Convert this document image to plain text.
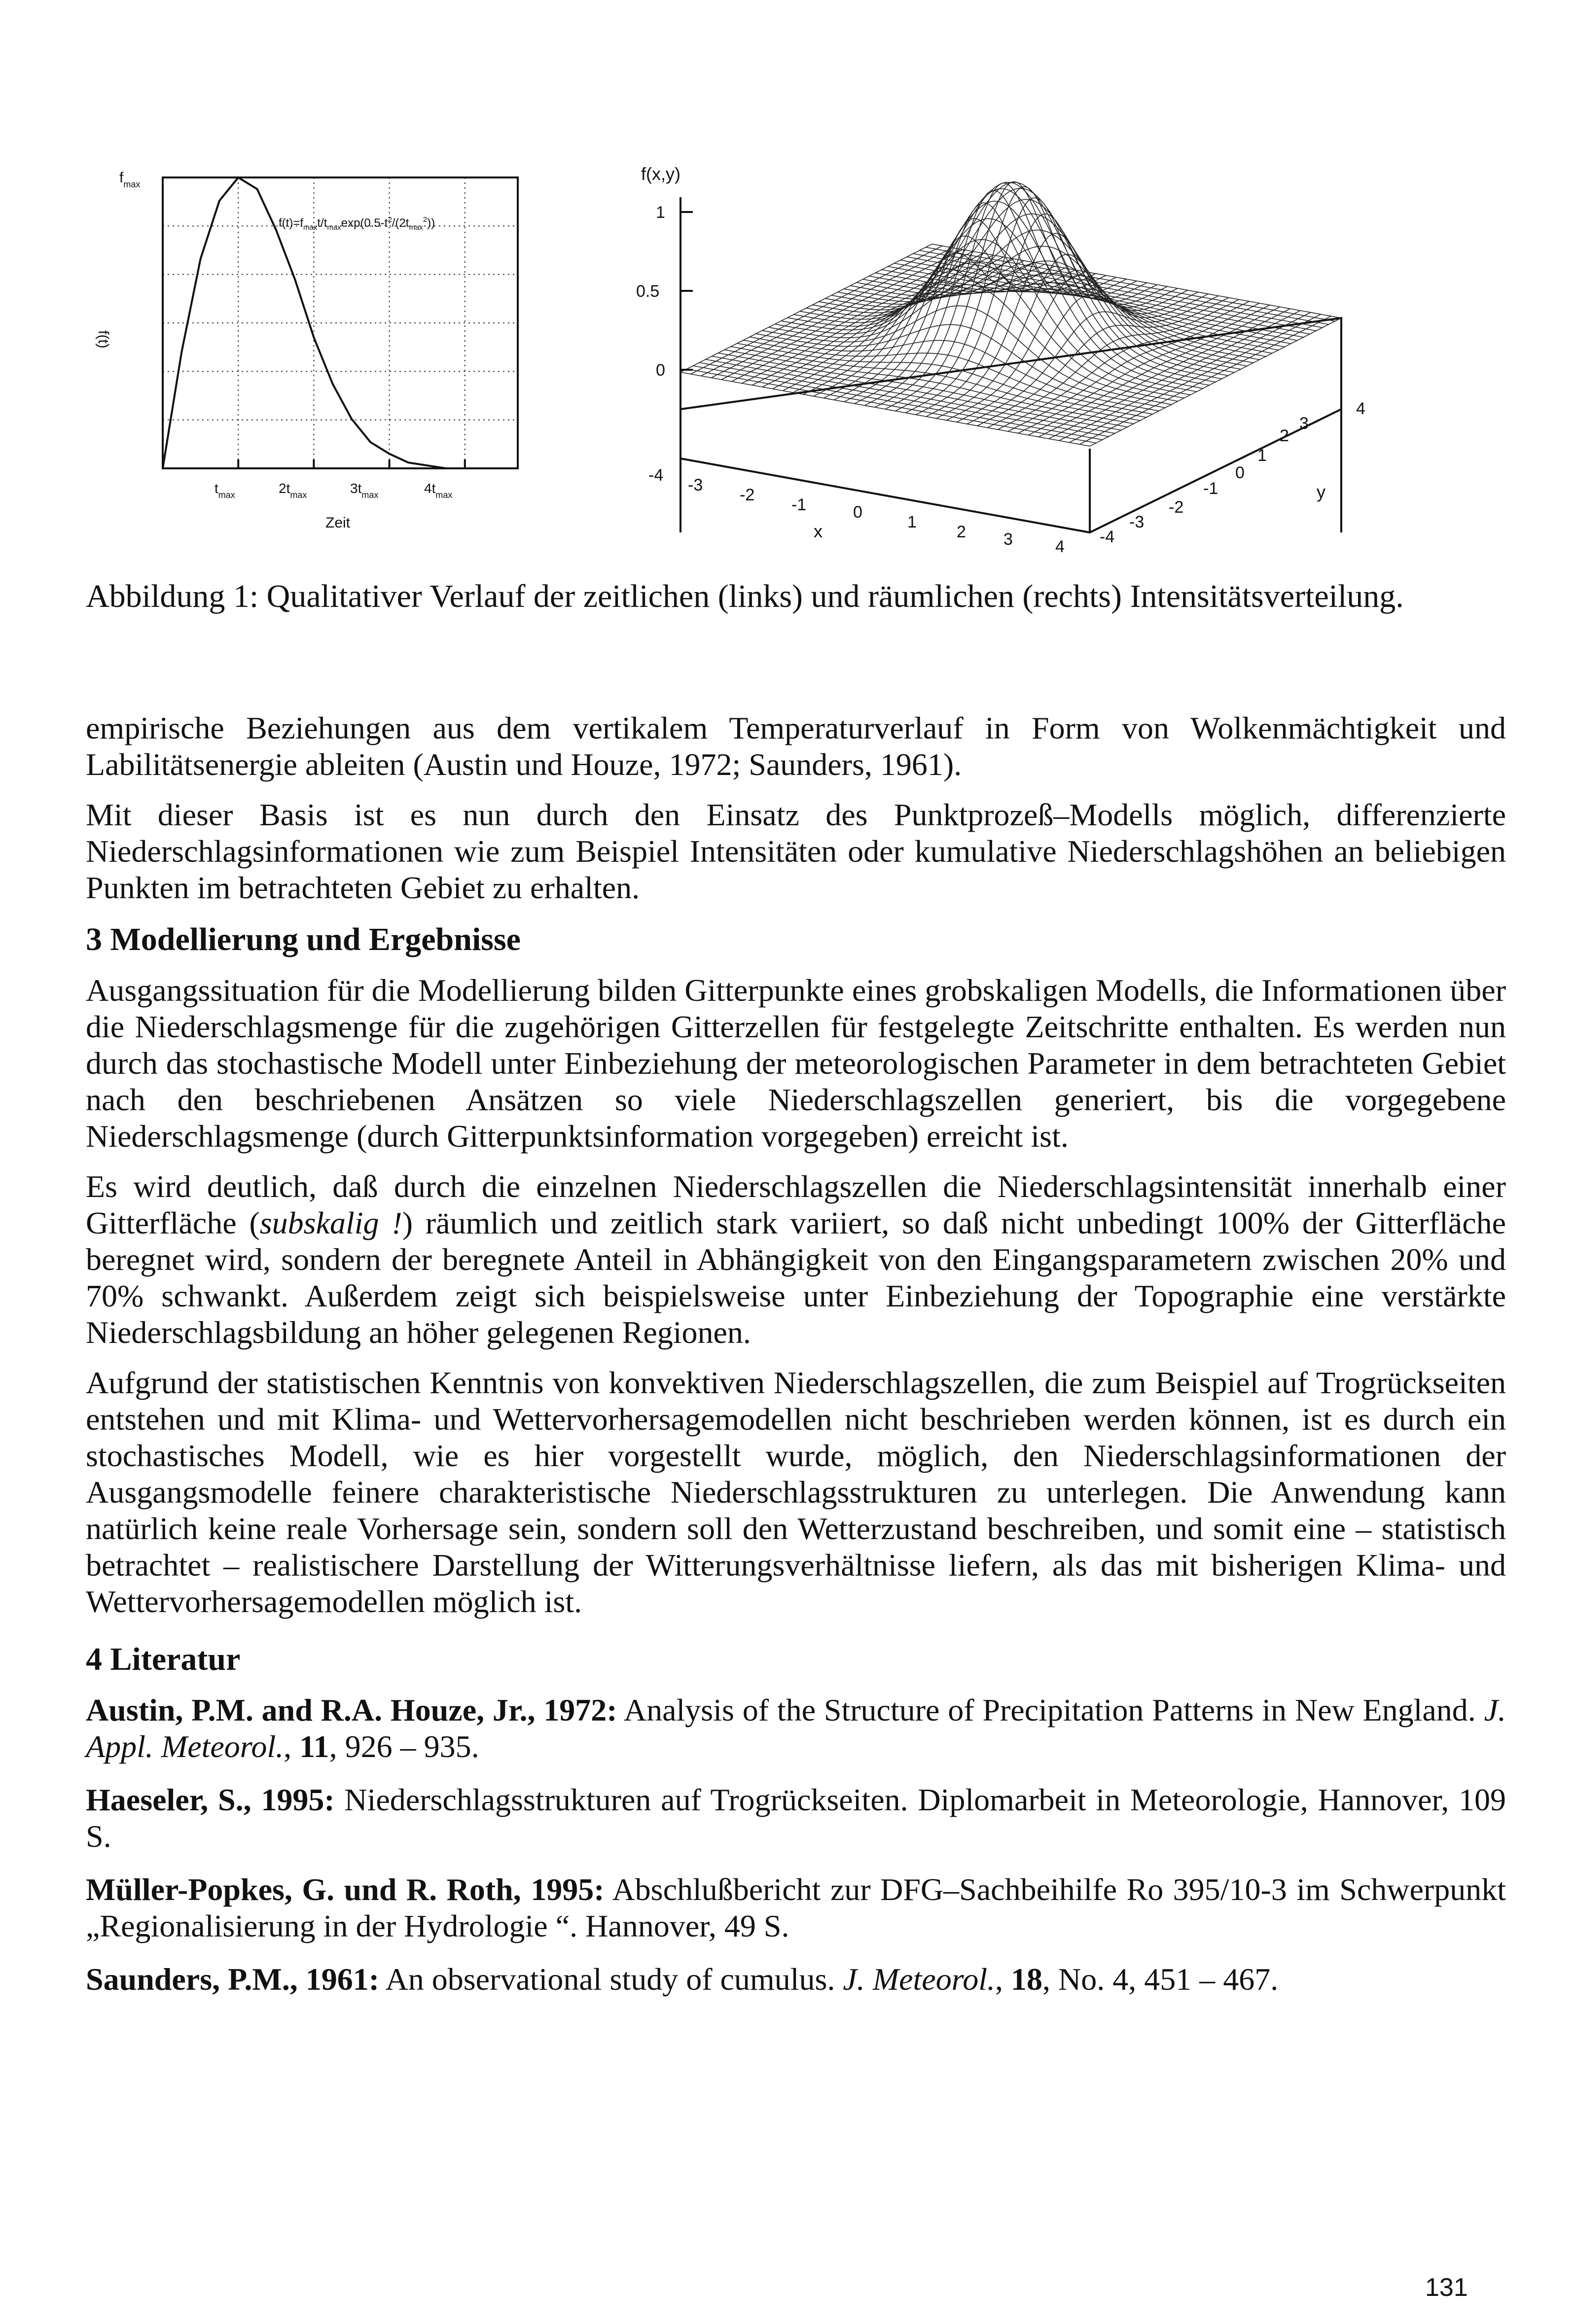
$f_{max}$
f(t)
$f(t)=f_{max}t/t_{max}\exp(0.5-t^2/(2t_{max}^2))$
$t_{max}$	$2t_{max}$	$3t_{max}$	$4t_{max}$
Zeit
f(x,y)
1
0.5
0
-4
-3
-2
-1	0
1
2 3	4
x	-4
-3
-2
-1
0
1
2
3
4
y
Abbildung 1: Qualitativer Verlauf der zeitlichen (links) und räumlichen (rechts) Intensitätsverteilung.

empirische Beziehungen aus dem vertikalem Temperaturverlauf in Form von Wolkenmächtigkeit und Labilitätsenergie ableiten (Austin und Houze, 1972; Saunders, 1961).

Mit dieser Basis ist es nun durch den Einsatz des Punktprozeß–Modells möglich, differenzierte Niederschlagsinformationen wie zum Beispiel Intensitäten oder kumulative Niederschlagshöhen an beliebigen Punkten im betrachteten Gebiet zu erhalten.

3 Modellierung und Ergebnisse

Ausgangssituation für die Modellierung bilden Gitterpunkte eines grobskaligen Modells, die Informationen über die Niederschlagsmenge für die zugehörigen Gitterzellen für festgelegte Zeitschritte enthalten. Es werden nun durch das stochastische Modell unter Einbeziehung der meteorologischen Parameter in dem betrachteten Gebiet nach den beschriebenen Ansätzen so viele Niederschlagszellen generiert, bis die vorgegebene Niederschlagsmenge (durch Gitterpunktsinformation vorgegeben) erreicht ist.

Es wird deutlich, daß durch die einzelnen Niederschlagszellen die Niederschlagsintensität innerhalb einer Gitterfläche (subskalig !) räumlich und zeitlich stark variiert, so daß nicht unbedingt 100% der Gitterfläche beregnet wird, sondern der beregnete Anteil in Abhängigkeit von den Eingangsparametern zwischen 20% und 70% schwankt. Außerdem zeigt sich beispielsweise unter Einbeziehung der Topographie eine verstärkte Niederschlagsbildung an höher gelegenen Regionen.

Aufgrund der statistischen Kenntnis von konvektiven Niederschlagszellen, die zum Beispiel auf Trogrückseiten entstehen und mit Klima- und Wettervorhersagemodellen nicht beschrieben werden können, ist es durch ein stochastisches Modell, wie es hier vorgestellt wurde, möglich, den Niederschlagsinformationen der Ausgangsmodelle feinere charakteristische Niederschlagsstrukturen zu unterlegen. Die Anwendung kann natürlich keine reale Vorhersage sein, sondern soll den Wetterzustand beschreiben, und somit eine – statistisch betrachtet – realistischere Darstellung der Witterungsverhältnisse liefern, als das mit bisherigen Klima- und Wettervorhersagemodellen möglich ist.

4 Literatur

Austin, P.M. and R.A. Houze, Jr., 1972: Analysis of the Structure of Precipitation Patterns in New England. J. Appl. Meteorol., 11, 926 – 935.

Haeseler, S., 1995: Niederschlagsstrukturen auf Trogrückseiten. Diplomarbeit in Meteorologie, Hannover, 109 S.

Müller-Popkes, G. und R. Roth, 1995: Abschlußbericht zur DFG–Sachbeihilfe Ro 395/10-3 im Schwerpunkt „Regionalisierung in der Hydrologie “. Hannover, 49 S.

Saunders, P.M., 1961: An observational study of cumulus. J. Meteorol., 18, No. 4, 451 – 467.

131
